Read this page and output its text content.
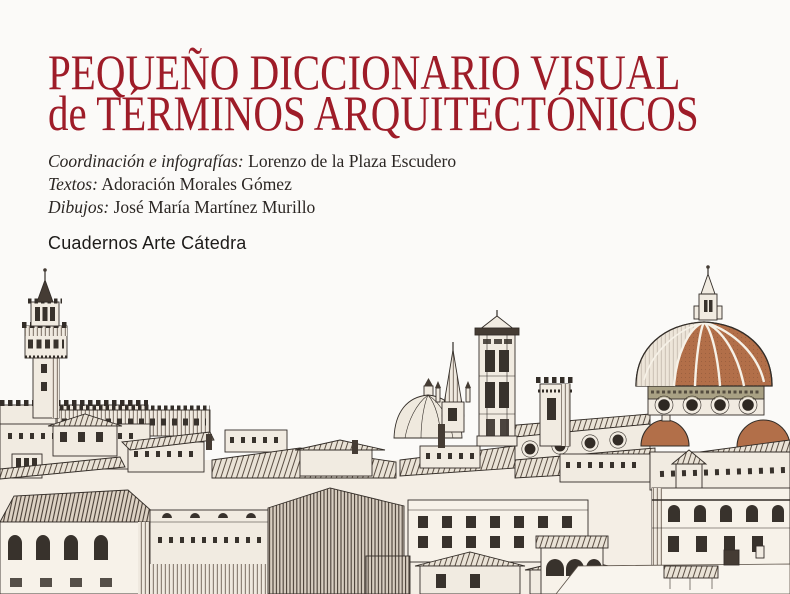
PEQUEÑO DICCIONARIO VISUAL
de TÉRMINOS ARQUITECTÓNICOS
Coordinación e infografías: Lorenzo de la Plaza Escudero
Textos: Adoración Morales Gómez
Dibujos: José María Martínez Murillo
Cuadernos Arte Cátedra
